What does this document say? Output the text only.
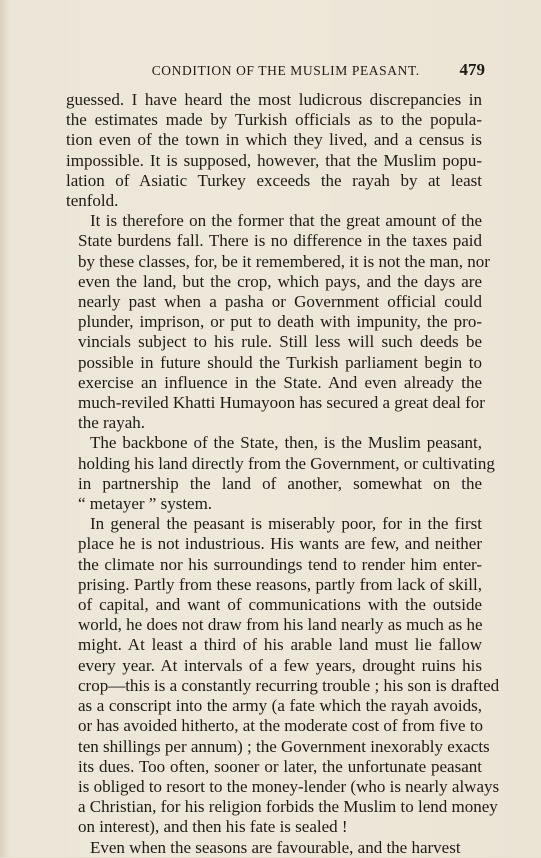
CONDITION OF THE MUSLIM PEASANT.	479

guessed. I have heard the most ludicrous discrepancies in
the estimates made by Turkish officials as to the popula-
tion even of the town in which they lived, and a census is
impossible. It is supposed, however, that the Muslim popu-
lation of Asiatic Turkey exceeds the rayah by at least
tenfold.

It is therefore on the former that the great amount of the
State burdens fall. There is no difference in the taxes paid
by these classes, for, be it remembered, it is not the man, nor
even the land, but the crop, which pays, and the days are
nearly past when a pasha or Government official could
plunder, imprison, or put to death with impunity, the pro-
vincials subject to his rule. Still less will such deeds be
possible in future should the Turkish parliament begin to
exercise an influence in the State. And even already the
much-reviled Khatti Humayoon has secured a great deal for
the rayah.

The backbone of the State, then, is the Muslim peasant,
holding his land directly from the Government, or cultivating
in partnership the land of another, somewhat on the
“ metayer ” system.

In general the peasant is miserably poor, for in the first
place he is not industrious. His wants are few, and neither
the climate nor his surroundings tend to render him enter-
prising. Partly from these reasons, partly from lack of skill,
of capital, and want of communications with the outside
world, he does not draw from his land nearly as much as he
might. At least a third of his arable land must lie fallow
every year. At intervals of a few years, drought ruins his
crop—this is a constantly recurring trouble ; his son is drafted
as a conscript into the army (a fate which the rayah avoids,
or has avoided hitherto, at the moderate cost of from five to
ten shillings per annum) ; the Government inexorably exacts
its dues. Too often, sooner or later, the unfortunate peasant
is obliged to resort to the money-lender (who is nearly always
a Christian, for his religion forbids the Muslim to lend money
on interest), and then his fate is sealed !

Even when the seasons are favourable, and the harvest
